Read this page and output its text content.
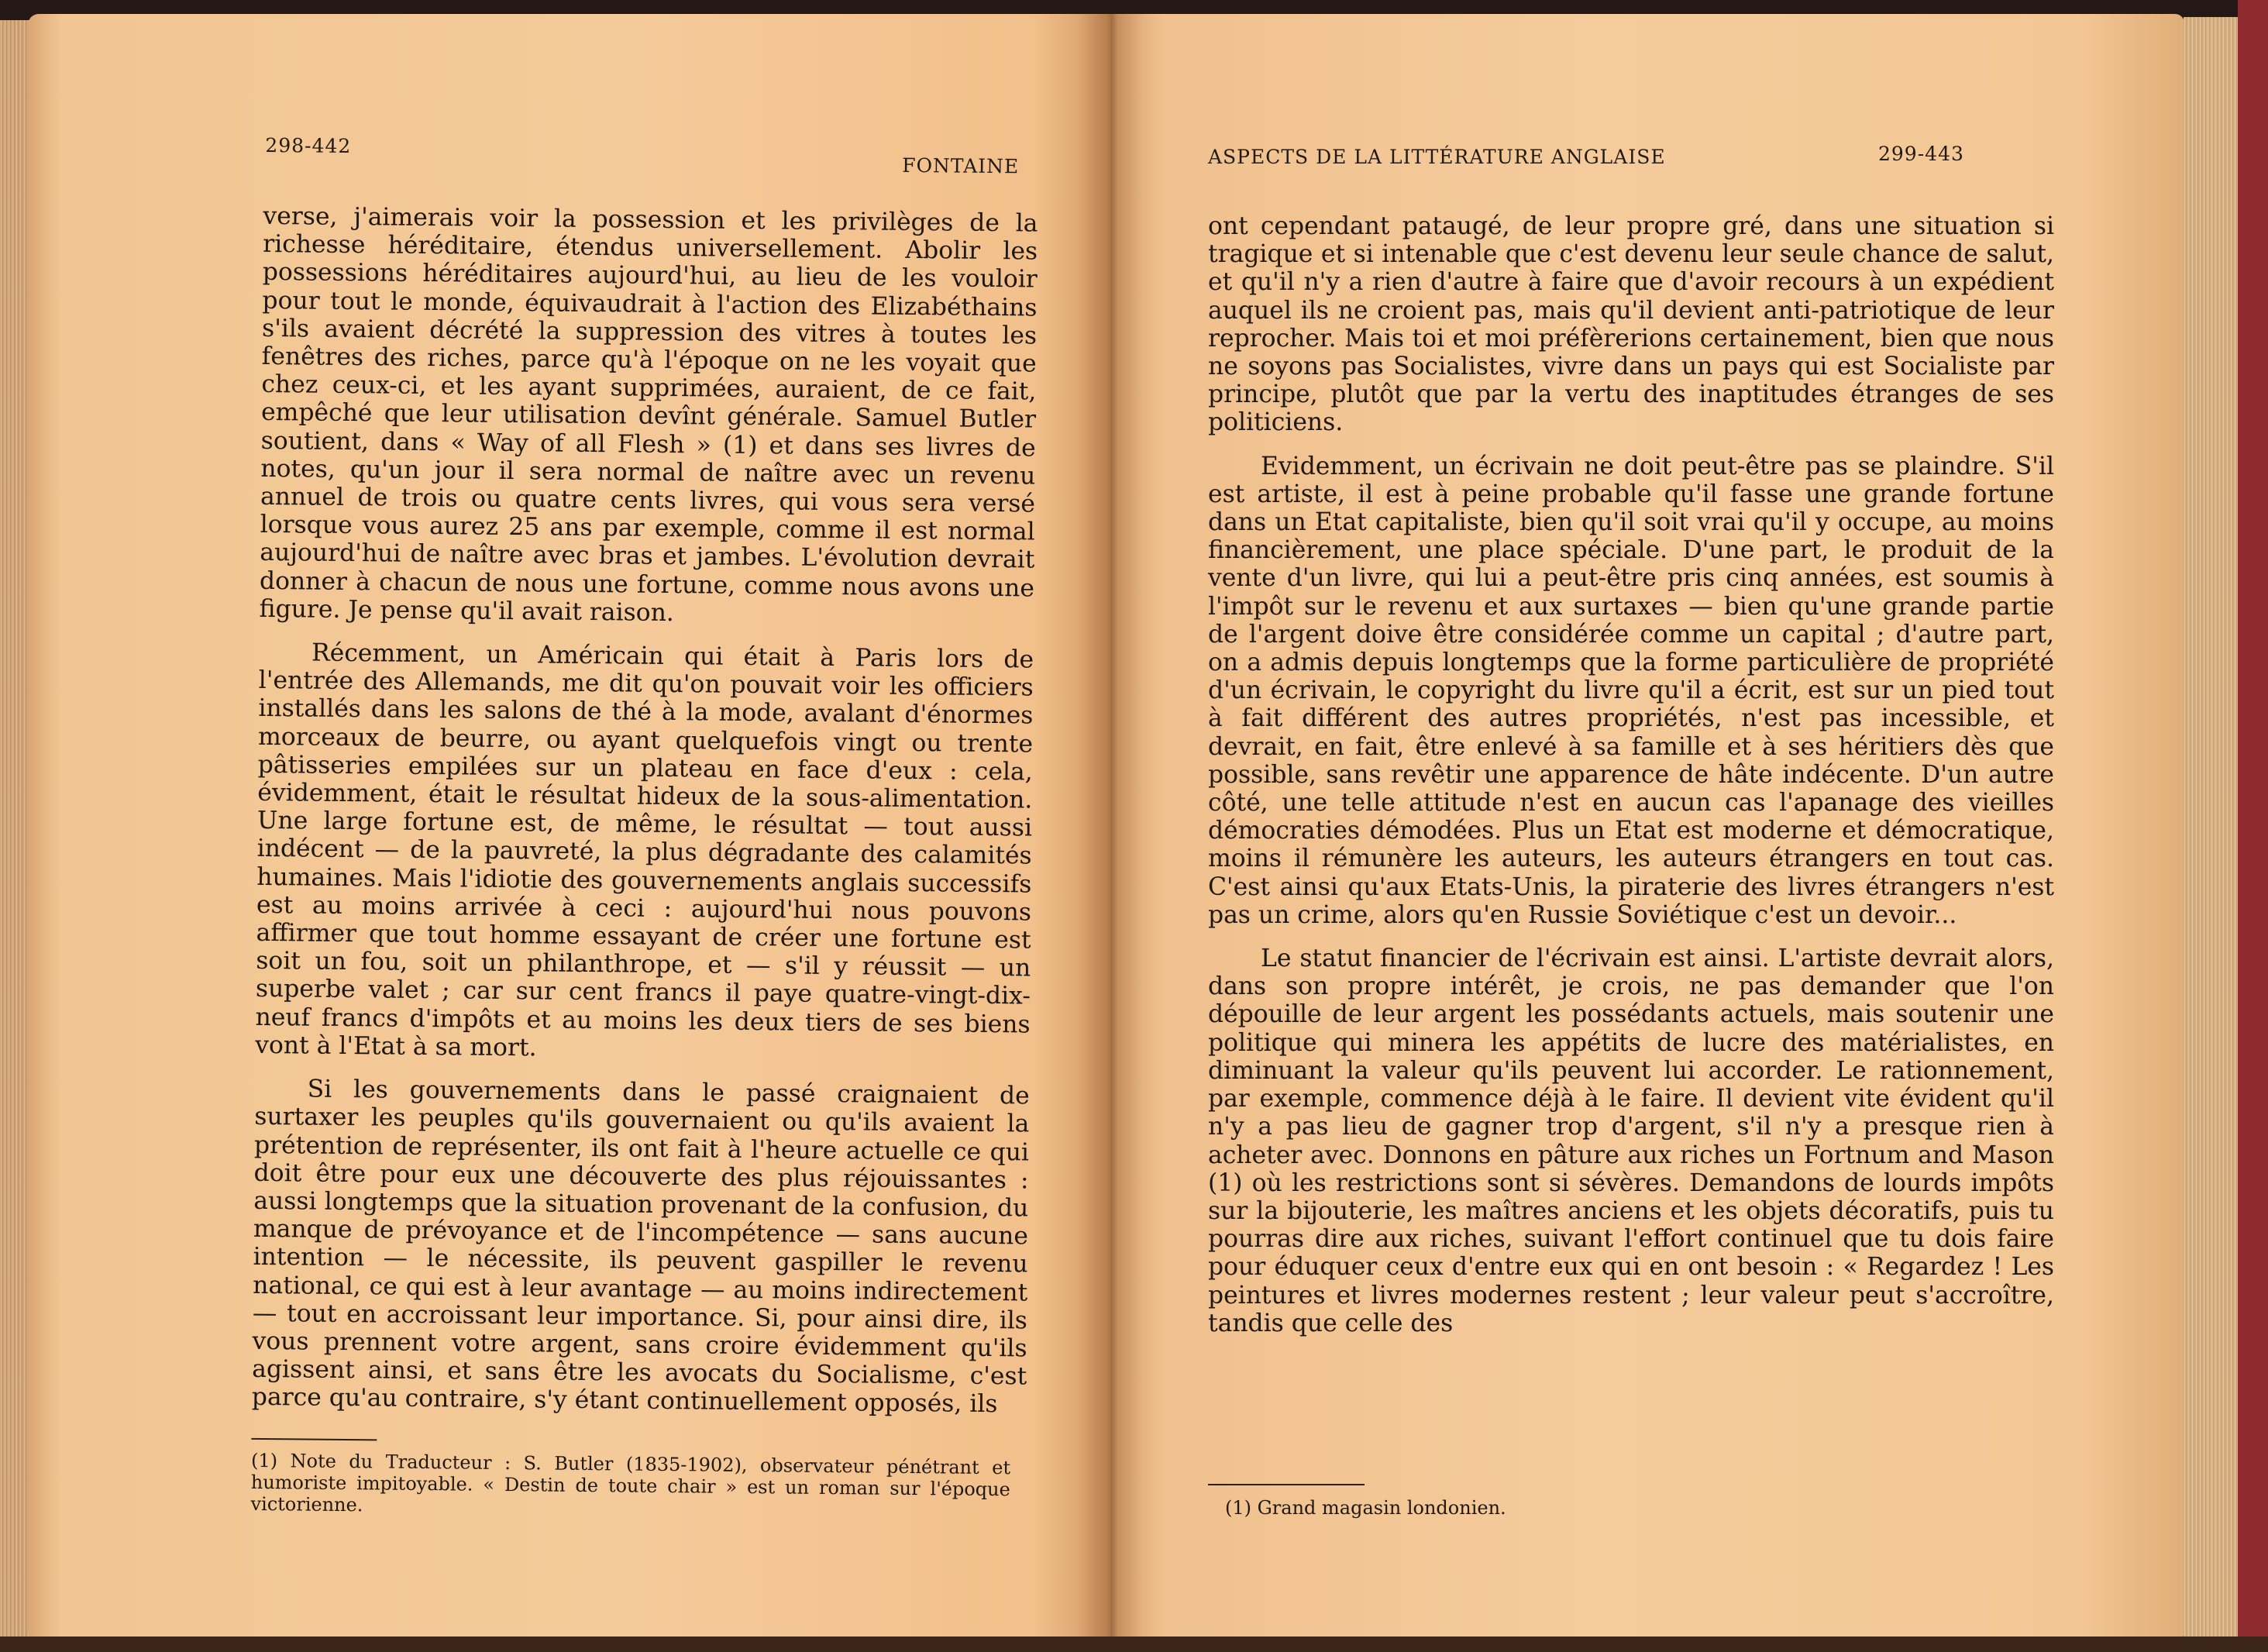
298-442
FONTAINE

verse, j'aimerais voir la possession et les privilèges de la richesse héréditaire, étendus universellement. Abolir les possessions héréditaires aujourd'hui, au lieu de les vouloir pour tout le monde, équivaudrait à l'action des Elizabéthains s'ils avaient décrété la suppression des vitres à toutes les fenêtres des riches, parce qu'à l'époque on ne les voyait que chez ceux-ci, et les ayant supprimées, auraient, de ce fait, empêché que leur utilisation devînt générale. Samuel Butler soutient, dans « Way of all Flesh » (1) et dans ses livres de notes, qu'un jour il sera normal de naître avec un revenu annuel de trois ou quatre cents livres, qui vous sera versé lorsque vous aurez 25 ans par exemple, comme il est normal aujourd'hui de naître avec bras et jambes. L'évolution devrait donner à chacun de nous une fortune, comme nous avons une figure. Je pense qu'il avait raison.

Récemment, un Américain qui était à Paris lors de l'entrée des Allemands, me dit qu'on pouvait voir les officiers installés dans les salons de thé à la mode, avalant d'énormes morceaux de beurre, ou ayant quelquefois vingt ou trente pâtisseries empilées sur un plateau en face d'eux : cela, évidemment, était le résultat hideux de la sous-alimentation. Une large fortune est, de même, le résultat — tout aussi indécent — de la pauvreté, la plus dégradante des calamités humaines. Mais l'idiotie des gouvernements anglais successifs est au moins arrivée à ceci : aujourd'hui nous pouvons affirmer que tout homme essayant de créer une fortune est soit un fou, soit un philanthrope, et — s'il y réussit — un superbe valet ; car sur cent francs il paye quatre-vingt-dix-neuf francs d'impôts et au moins les deux tiers de ses biens vont à l'Etat à sa mort.

Si les gouvernements dans le passé craignaient de surtaxer les peuples qu'ils gouvernaient ou qu'ils avaient la prétention de représenter, ils ont fait à l'heure actuelle ce qui doit être pour eux une découverte des plus réjouissantes : aussi longtemps que la situation provenant de la confusion, du manque de prévoyance et de l'incompétence — sans aucune intention — le nécessite, ils peuvent gaspiller le revenu national, ce qui est à leur avantage — au moins indirectement — tout en accroissant leur importance. Si, pour ainsi dire, ils vous prennent votre argent, sans croire évidemment qu'ils agissent ainsi, et sans être les avocats du Socialisme, c'est parce qu'au contraire, s'y étant continuellement opposés, ils

(1) Note du Traducteur : S. Butler (1835-1902), observateur pénétrant et humoriste impitoyable. « Destin de toute chair » est un roman sur l'époque victorienne.
ASPECTS DE LA LITTÉRATURE ANGLAISE	299-443

ont cependant pataugé, de leur propre gré, dans une situation si tragique et si intenable que c'est devenu leur seule chance de salut, et qu'il n'y a rien d'autre à faire que d'avoir recours à un expédient auquel ils ne croient pas, mais qu'il devient anti-patriotique de leur reprocher. Mais toi et moi préfèrerions certainement, bien que nous ne soyons pas Socialistes, vivre dans un pays qui est Socialiste par principe, plutôt que par la vertu des inaptitudes étranges de ses politiciens.

Evidemment, un écrivain ne doit peut-être pas se plaindre. S'il est artiste, il est à peine probable qu'il fasse une grande fortune dans un Etat capitaliste, bien qu'il soit vrai qu'il y occupe, au moins financièrement, une place spéciale. D'une part, le produit de la vente d'un livre, qui lui a peut-être pris cinq années, est soumis à l'impôt sur le revenu et aux surtaxes — bien qu'une grande partie de l'argent doive être considérée comme un capital ; d'autre part, on a admis depuis longtemps que la forme particulière de propriété d'un écrivain, le copyright du livre qu'il a écrit, est sur un pied tout à fait différent des autres propriétés, n'est pas incessible, et devrait, en fait, être enlevé à sa famille et à ses héritiers dès que possible, sans revêtir une apparence de hâte indécente. D'un autre côté, une telle attitude n'est en aucun cas l'apanage des vieilles démocraties démodées. Plus un Etat est moderne et démocratique, moins il rémunère les auteurs, les auteurs étrangers en tout cas. C'est ainsi qu'aux Etats-Unis, la piraterie des livres étrangers n'est pas un crime, alors qu'en Russie Soviétique c'est un devoir...

Le statut financier de l'écrivain est ainsi. L'artiste devrait alors, dans son propre intérêt, je crois, ne pas demander que l'on dépouille de leur argent les possédants actuels, mais soutenir une politique qui minera les appétits de lucre des matérialistes, en diminuant la valeur qu'ils peuvent lui accorder. Le rationnement, par exemple, commence déjà à le faire. Il devient vite évident qu'il n'y a pas lieu de gagner trop d'argent, s'il n'y a presque rien à acheter avec. Donnons en pâture aux riches un Fortnum and Mason (1) où les restrictions sont si sévères. Demandons de lourds impôts sur la bijouterie, les maîtres anciens et les objets décoratifs, puis tu pourras dire aux riches, suivant l'effort continuel que tu dois faire pour éduquer ceux d'entre eux qui en ont besoin : « Regardez ! Les peintures et livres modernes restent ; leur valeur peut s'accroître, tandis que celle des

(1) Grand magasin londonien.
